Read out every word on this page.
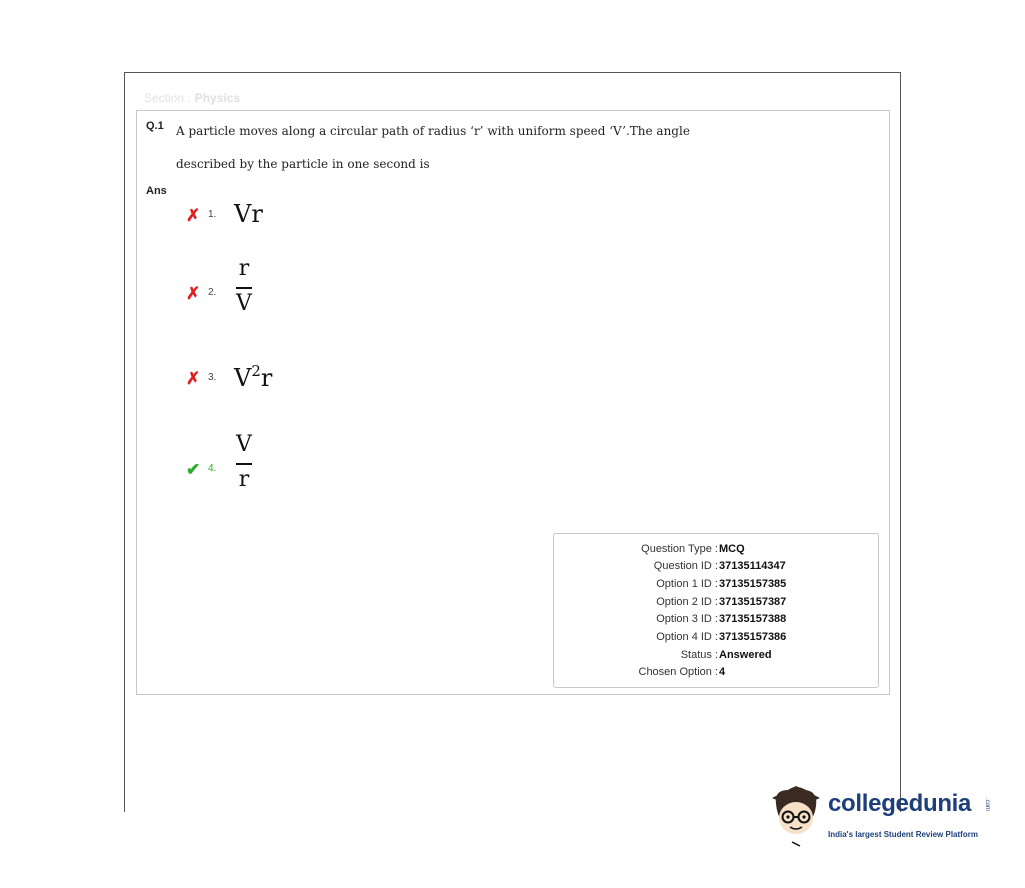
Section : Physics
Q.1 A particle moves along a circular path of radius ‘r’ with uniform speed ‘V’.The angle
described by the particle in one second is
Ans
✗ 1. Vr
✗ 2.
r
V
✗ 3. $V^2r$
✔ 4.
V
r
Question Type : MCQ
Question ID : 37135114347
Option 1 ID : 37135157385
Option 2 ID : 37135157387
Option 3 ID : 37135157388
Option 4 ID : 37135157386
Status : Answered
Chosen Option : 4
collegedunia .com
India's largest Student Review Platform
